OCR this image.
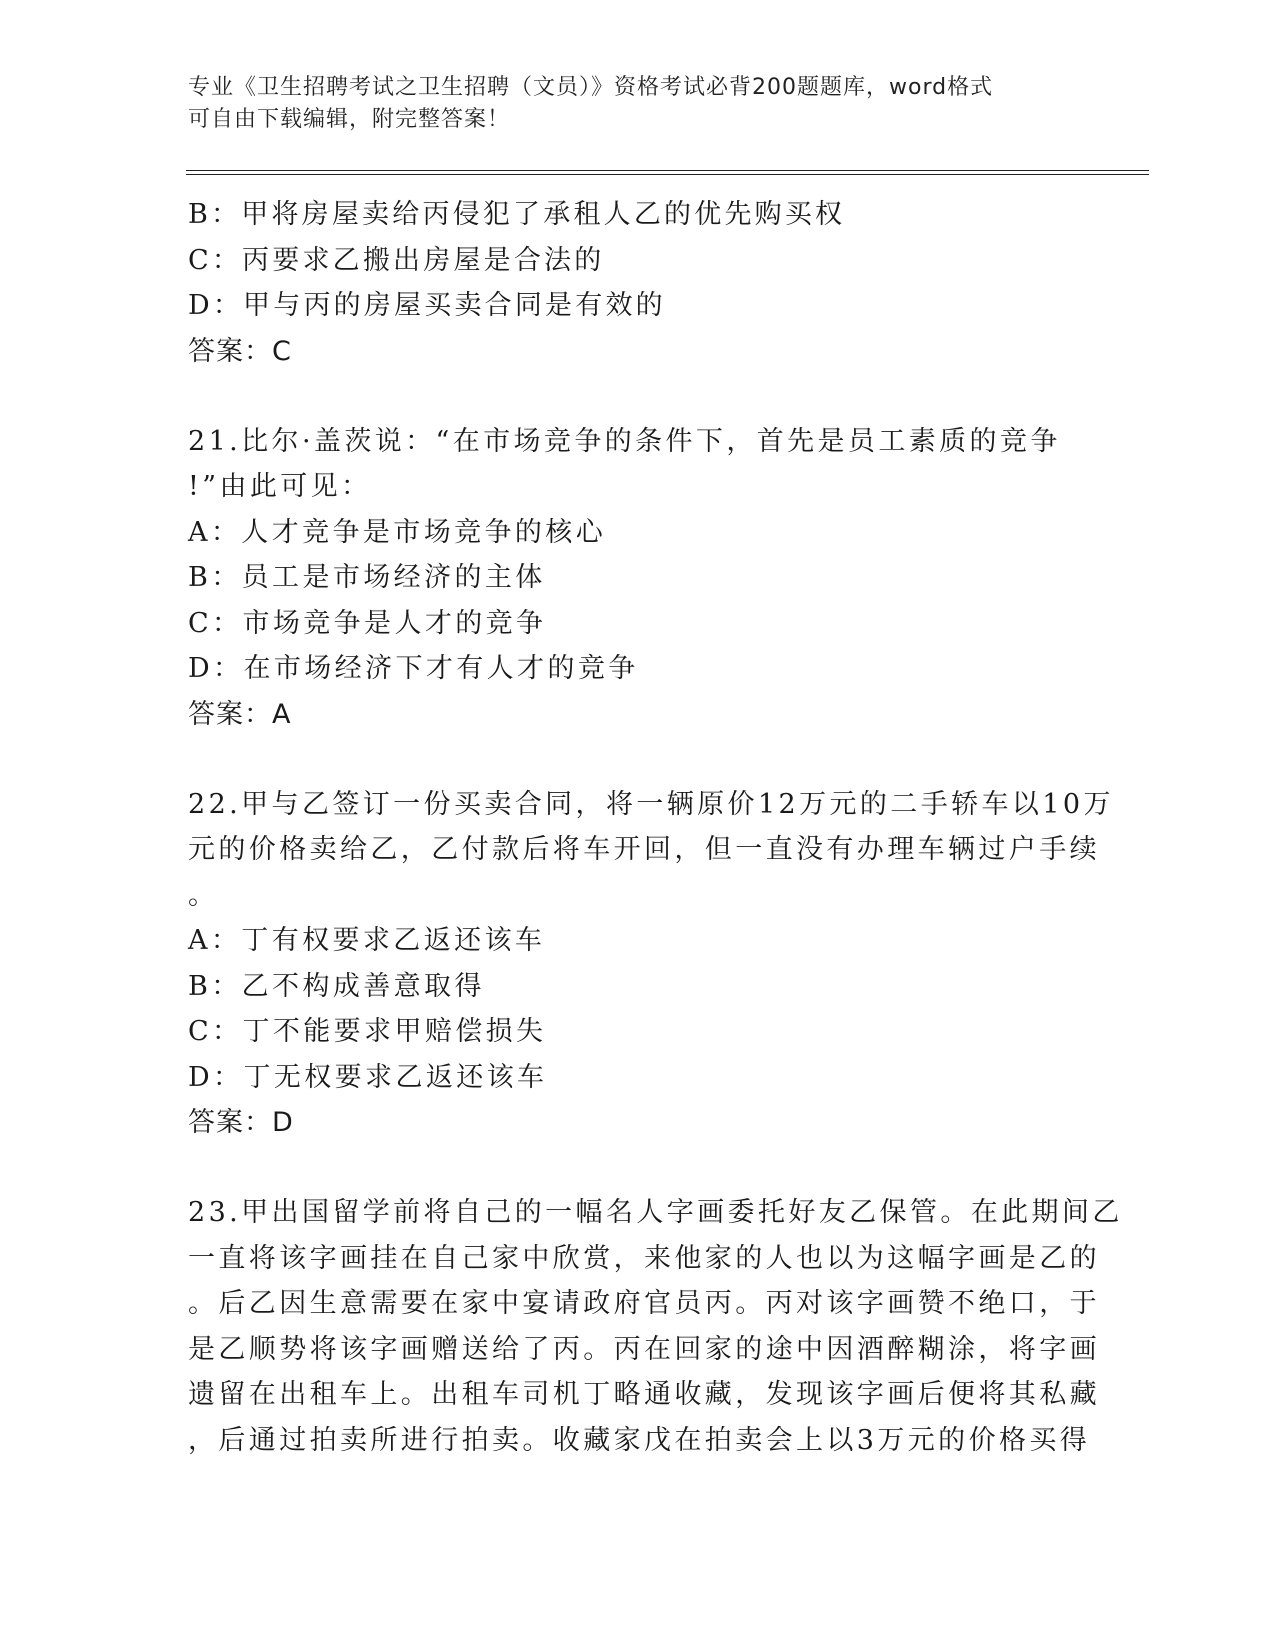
专业《卫生招聘考试之卫生招聘（文员）》资格考试必背200题题库，word格式
可自由下载编辑，附完整答案！
B：甲将房屋卖给丙侵犯了承租人乙的优先购买权
C：丙要求乙搬出房屋是合法的
D：甲与丙的房屋买卖合同是有效的
答案：C
21.比尔·盖茨说：“在市场竞争的条件下，首先是员工素质的竞争
!”由此可见：
A：人才竞争是市场竞争的核心
B：员工是市场经济的主体
C：市场竞争是人才的竞争
D：在市场经济下才有人才的竞争
答案：A
22.甲与乙签订一份买卖合同，将一辆原价12万元的二手轿车以10万
元的价格卖给乙，乙付款后将车开回，但一直没有办理车辆过户手续
。
A：丁有权要求乙返还该车
B：乙不构成善意取得
C：丁不能要求甲赔偿损失
D：丁无权要求乙返还该车
答案：D
23.甲出国留学前将自己的一幅名人字画委托好友乙保管。在此期间乙
一直将该字画挂在自己家中欣赏，来他家的人也以为这幅字画是乙的
。后乙因生意需要在家中宴请政府官员丙。丙对该字画赞不绝口，于
是乙顺势将该字画赠送给了丙。丙在回家的途中因酒醉糊涂，将字画
遗留在出租车上。出租车司机丁略通收藏，发现该字画后便将其私藏
，后通过拍卖所进行拍卖。收藏家戊在拍卖会上以3万元的价格买得
